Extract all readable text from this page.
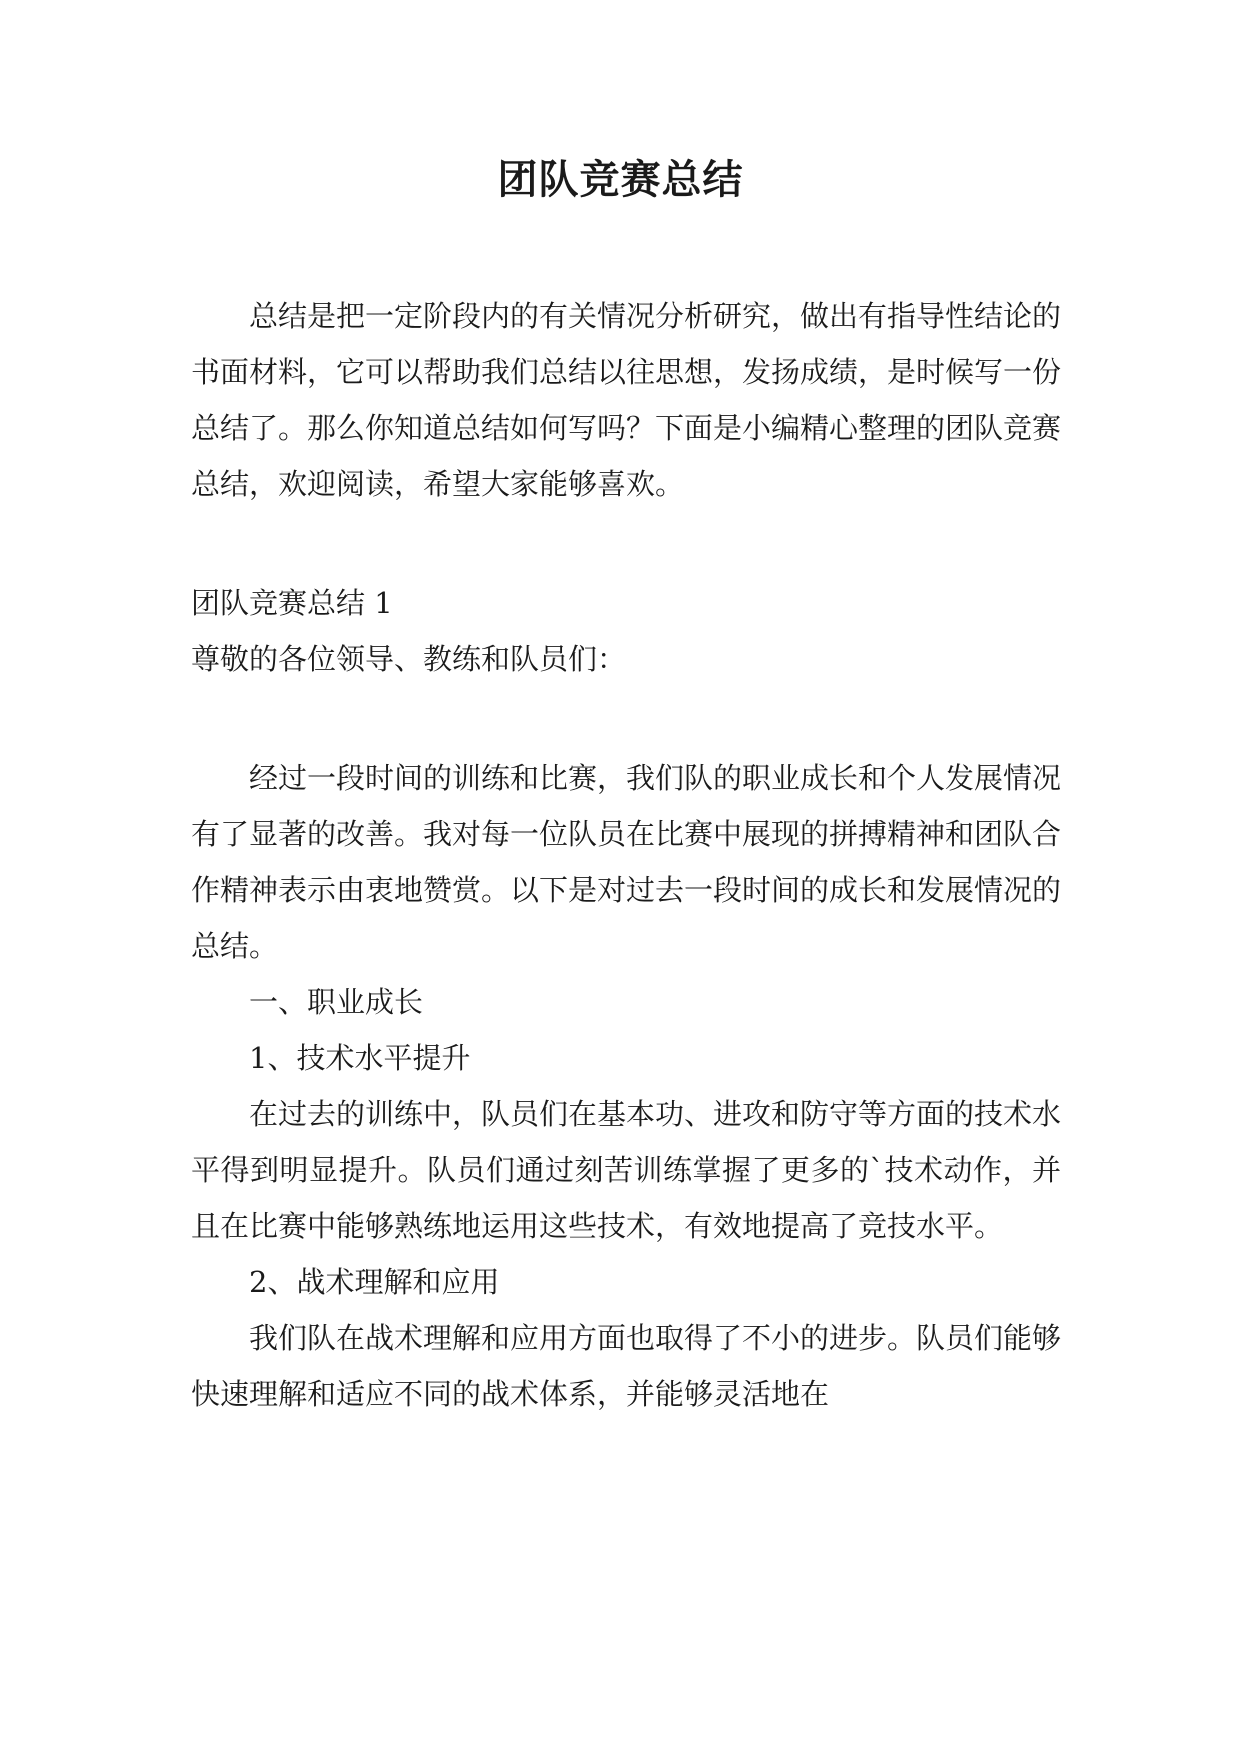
团队竞赛总结

总结是把一定阶段内的有关情况分析研究，做出有指导性结论的书面材料，它可以帮助我们总结以往思想，发扬成绩，是时候写一份总结了。那么你知道总结如何写吗？下面是小编精心整理的团队竞赛总结，欢迎阅读，希望大家能够喜欢。

团队竞赛总结 1

尊敬的各位领导、教练和队员们：

经过一段时间的训练和比赛，我们队的职业成长和个人发展情况有了显著的改善。我对每一位队员在比赛中展现的拼搏精神和团队合作精神表示由衷地赞赏。以下是对过去一段时间的成长和发展情况的总结。

一、职业成长

1、技术水平提升

在过去的训练中，队员们在基本功、进攻和防守等方面的技术水平得到明显提升。队员们通过刻苦训练掌握了更多的`技术动作，并且在比赛中能够熟练地运用这些技术，有效地提高了竞技水平。

2、战术理解和应用

我们队在战术理解和应用方面也取得了不小的进步。队员们能够快速理解和适应不同的战术体系，并能够灵活地在
